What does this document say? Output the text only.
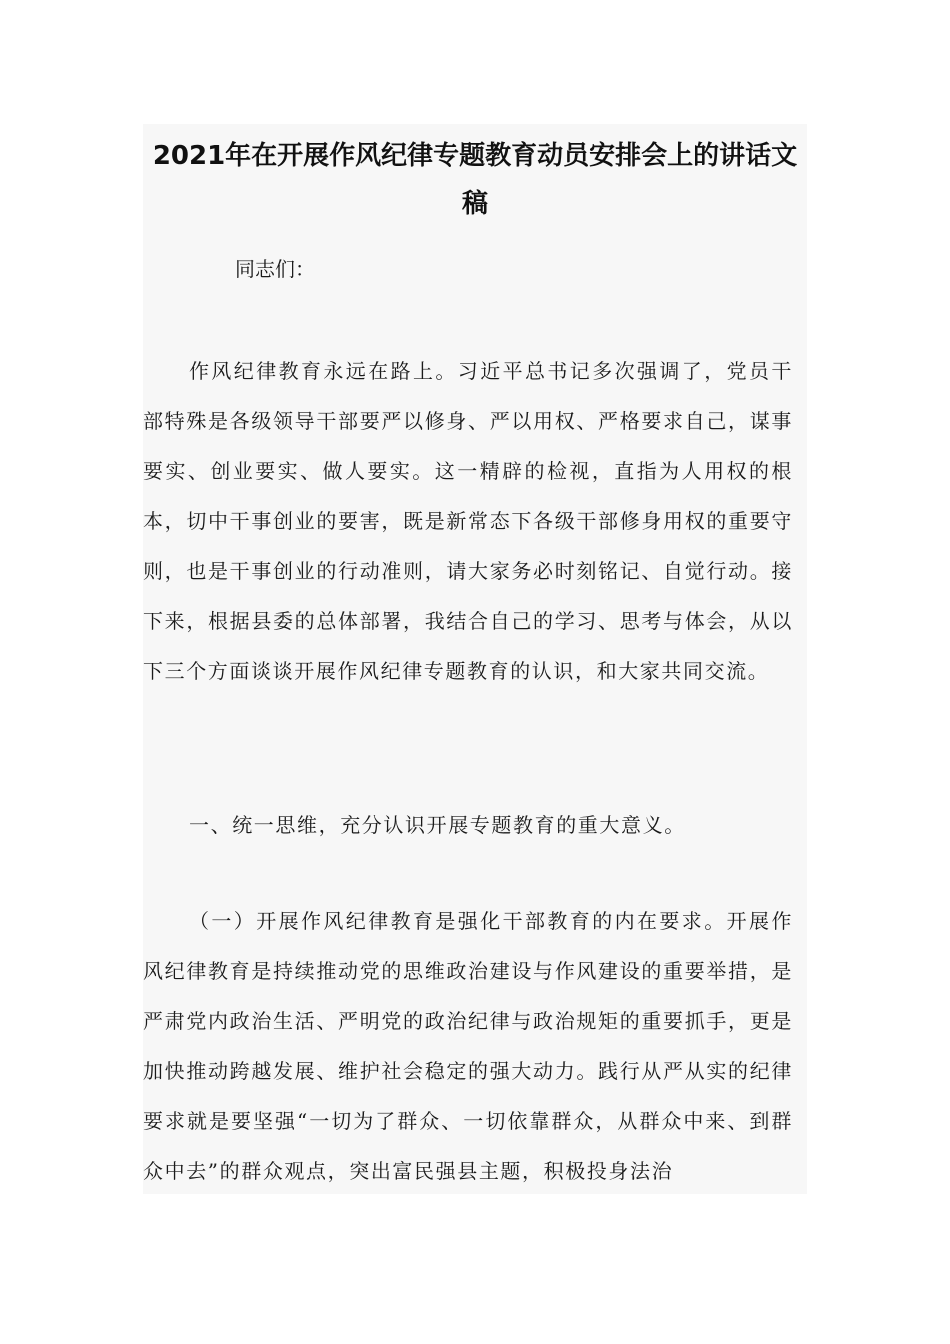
2021年在开展作风纪律专题教育动员安排会上的讲话文稿

同志们：

作风纪律教育永远在路上。习近平总书记多次强调了，党员干部特殊是各级领导干部要严以修身、严以用权、严格要求自己，谋事要实、创业要实、做人要实。这一精辟的检视，直指为人用权的根本，切中干事创业的要害，既是新常态下各级干部修身用权的重要守则，也是干事创业的行动准则，请大家务必时刻铭记、自觉行动。接下来，根据县委的总体部署，我结合自己的学习、思考与体会，从以下三个方面谈谈开展作风纪律专题教育的认识，和大家共同交流。

一、统一思维，充分认识开展专题教育的重大意义。

（一）开展作风纪律教育是强化干部教育的内在要求。开展作风纪律教育是持续推动党的思维政治建设与作风建设的重要举措，是严肃党内政治生活、严明党的政治纪律与政治规矩的重要抓手，更是加快推动跨越发展、维护社会稳定的强大动力。践行从严从实的纪律要求就是要坚强“一切为了群众、一切依靠群众，从群众中来、到群众中去”的群众观点，突出富民强县主题，积极投身法治
